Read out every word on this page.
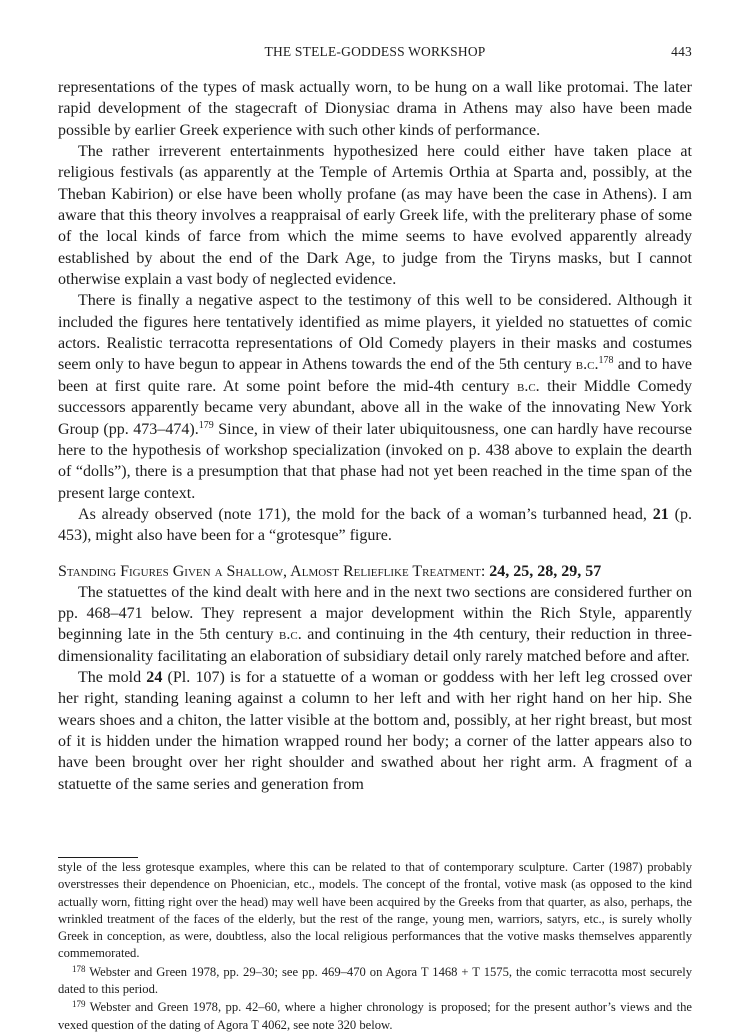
THE STELE-GODDESS WORKSHOP	443

representations of the types of mask actually worn, to be hung on a wall like protomai. The later rapid development of the stagecraft of Dionysiac drama in Athens may also have been made possible by earlier Greek experience with such other kinds of performance.

The rather irreverent entertainments hypothesized here could either have taken place at religious festivals (as apparently at the Temple of Artemis Orthia at Sparta and, possibly, at the Theban Kabirion) or else have been wholly profane (as may have been the case in Athens). I am aware that this theory involves a reappraisal of early Greek life, with the preliterary phase of some of the local kinds of farce from which the mime seems to have evolved apparently already established by about the end of the Dark Age, to judge from the Tiryns masks, but I cannot otherwise explain a vast body of neglected evidence.

There is finally a negative aspect to the testimony of this well to be considered. Although it included the figures here tentatively identified as mime players, it yielded no statuettes of comic actors. Realistic terracotta representations of Old Comedy players in their masks and costumes seem only to have begun to appear in Athens towards the end of the 5th century b.c.$^{178}$ and to have been at first quite rare. At some point before the mid-4th century b.c. their Middle Comedy successors apparently became very abundant, above all in the wake of the innovating New York Group (pp. 473–474).$^{179}$ Since, in view of their later ubiquitousness, one can hardly have recourse here to the hypothesis of workshop specialization (invoked on p. 438 above to explain the dearth of “dolls”), there is a presumption that that phase had not yet been reached in the time span of the present large context.

As already observed (note 171), the mold for the back of a woman’s turbanned head, 21 (p. 453), might also have been for a “grotesque” figure.

Standing Figures Given a Shallow, Almost Relieflike Treatment: 24, 25, 28, 29, 57

The statuettes of the kind dealt with here and in the next two sections are considered further on pp. 468–471 below. They represent a major development within the Rich Style, apparently beginning late in the 5th century b.c. and continuing in the 4th century, their reduction in three-dimensionality facilitating an elaboration of subsidiary detail only rarely matched before and after.

The mold 24 (Pl. 107) is for a statuette of a woman or goddess with her left leg crossed over her right, standing leaning against a column to her left and with her right hand on her hip. She wears shoes and a chiton, the latter visible at the bottom and, possibly, at her right breast, but most of it is hidden under the himation wrapped round her body; a corner of the latter appears also to have been brought over her right shoulder and swathed about her right arm. A fragment of a statuette of the same series and generation from

style of the less grotesque examples, where this can be related to that of contemporary sculpture. Carter (1987) probably overstresses their dependence on Phoenician, etc., models. The concept of the frontal, votive mask (as opposed to the kind actually worn, fitting right over the head) may well have been acquired by the Greeks from that quarter, as also, perhaps, the wrinkled treatment of the faces of the elderly, but the rest of the range, young men, warriors, satyrs, etc., is surely wholly Greek in conception, as were, doubtless, also the local religious performances that the votive masks themselves apparently commemorated.

$^{178}$ Webster and Green 1978, pp. 29–30; see pp. 469–470 on Agora T 1468 + T 1575, the comic terracotta most securely dated to this period.

$^{179}$ Webster and Green 1978, pp. 42–60, where a higher chronology is proposed; for the present author’s views and the vexed question of the dating of Agora T 4062, see note 320 below.
